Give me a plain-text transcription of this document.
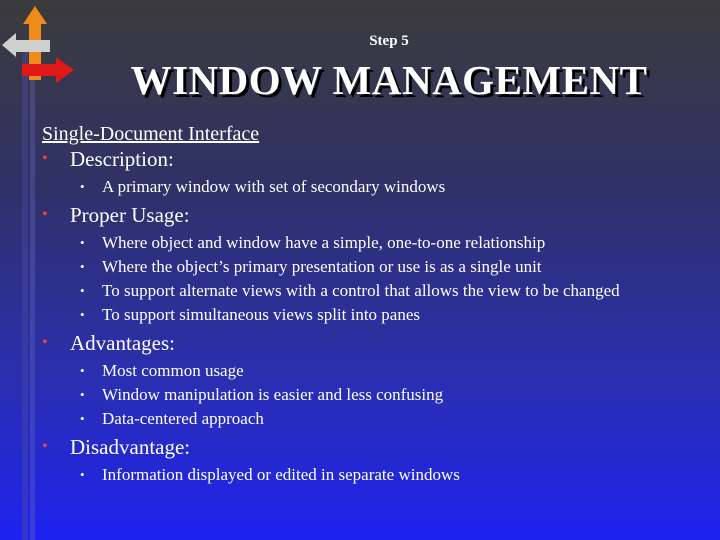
Step 5
WINDOW MANAGEMENT
Single-Document Interface
• Description:
• A primary window with set of secondary windows
• Proper Usage:
• Where object and window have a simple, one-to-one relationship
• Where the object’s primary presentation or use is as a single unit
• To support alternate views with a control that allows the view to be changed
• To support simultaneous views split into panes
• Advantages:
• Most common usage
• Window manipulation is easier and less confusing
• Data-centered approach
• Disadvantage:
• Information displayed or edited in separate windows
